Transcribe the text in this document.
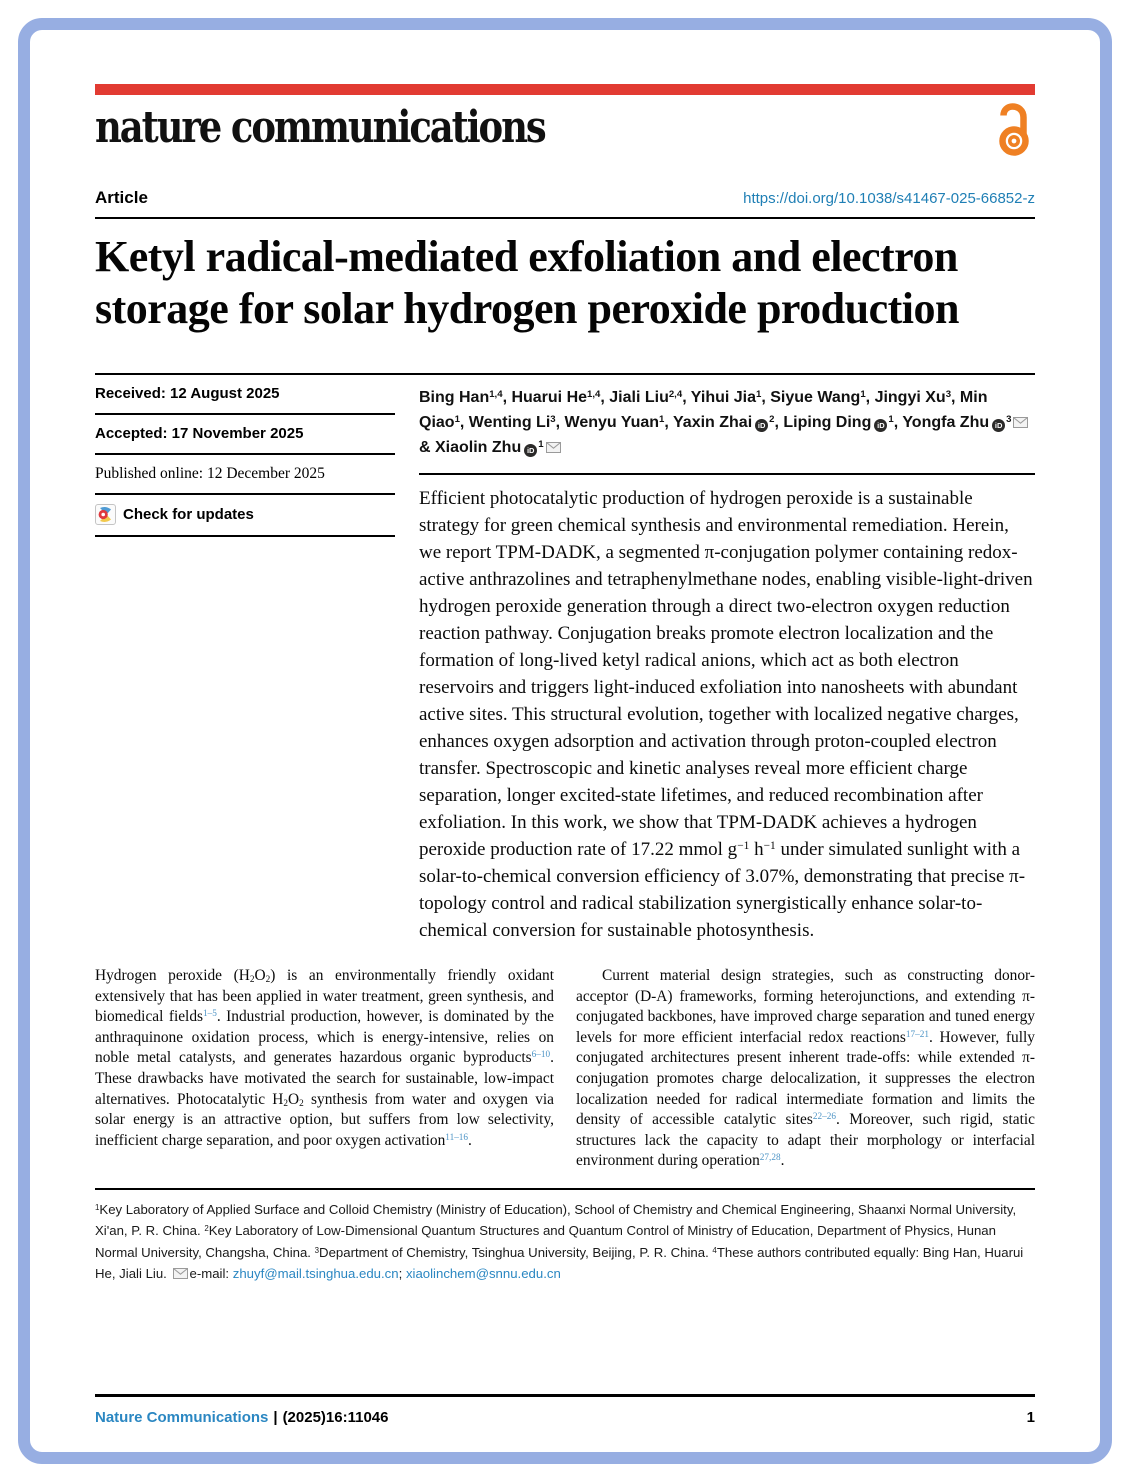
nature communications
Article	https://doi.org/10.1038/s41467-025-66852-z
Ketyl radical-mediated exfoliation and electron storage for solar hydrogen peroxide production
Received: 12 August 2025
Accepted: 17 November 2025
Published online: 12 December 2025
Check for updates
Bing Han$^{1,4}$, Huarui He$^{1,4}$, Jiali Liu$^{2,4}$, Yihui Jia$^1$, Siyue Wang$^1$, Jingyi Xu$^3$, Min Qiao$^1$, Wenting Li$^3$, Wenyu Yuan$^1$, Yaxin Zhai $iD^2$, Liping Ding $iD^1$, Yongfa Zhu $iD^3$ & Xiaolin Zhu $iD^1$
Efficient photocatalytic production of hydrogen peroxide is a sustainable strategy for green chemical synthesis and environmental remediation. Herein, we report TPM-DADK, a segmented π-conjugation polymer containing redox-active anthrazolines and tetraphenylmethane nodes, enabling visible-light-driven hydrogen peroxide generation through a direct two-electron oxygen reduction reaction pathway. Conjugation breaks promote electron localization and the formation of long-lived ketyl radical anions, which act as both electron reservoirs and triggers light-induced exfoliation into nanosheets with abundant active sites. This structural evolution, together with localized negative charges, enhances oxygen adsorption and activation through proton-coupled electron transfer. Spectroscopic and kinetic analyses reveal more efficient charge separation, longer excited-state lifetimes, and reduced recombination after exfoliation. In this work, we show that TPM-DADK achieves a hydrogen peroxide production rate of 17.22 mmol $g^{-1}$ $h^{-1}$ under simulated sunlight with a solar-to-chemical conversion efficiency of 3.07%, demonstrating that precise π-topology control and radical stabilization synergistically enhance solar-to-chemical conversion for sustainable photosynthesis.
Hydrogen peroxide $(H_2O_2)$ is an environmentally friendly oxidant extensively that has been applied in water treatment, green synthesis, and biomedical fields$^{1-5}$. Industrial production, however, is dominated by the anthraquinone oxidation process, which is energy-intensive, relies on noble metal catalysts, and generates hazardous organic byproducts$^{6-10}$. These drawbacks have motivated the search for sustainable, low-impact alternatives. Photocatalytic $H_2O_2$ synthesis from water and oxygen via solar energy is an attractive option, but suffers from low selectivity, inefficient charge separation, and poor oxygen activation$^{11-16}$.
Current material design strategies, such as constructing donor-acceptor (D-A) frameworks, forming heterojunctions, and extending π-conjugated backbones, have improved charge separation and tuned energy levels for more efficient interfacial redox reactions$^{17-21}$. However, fully conjugated architectures present inherent trade-offs: while extended π-conjugation promotes charge delocalization, it suppresses the electron localization needed for radical intermediate formation and limits the density of accessible catalytic sites$^{22-26}$. Moreover, such rigid, static structures lack the capacity to adapt their morphology or interfacial environment during operation$^{27,28}$.
$^1$Key Laboratory of Applied Surface and Colloid Chemistry (Ministry of Education), School of Chemistry and Chemical Engineering, Shaanxi Normal University, Xi'an, P. R. China. $^2$Key Laboratory of Low-Dimensional Quantum Structures and Quantum Control of Ministry of Education, Department of Physics, Hunan Normal University, Changsha, China. $^3$Department of Chemistry, Tsinghua University, Beijing, P. R. China. $^4$These authors contributed equally: Bing Han, Huarui He, Jiali Liu. e-mail: zhuyf@mail.tsinghua.edu.cn; xiaolinchem@snnu.edu.cn
Nature Communications | (2025)16:11046	1
